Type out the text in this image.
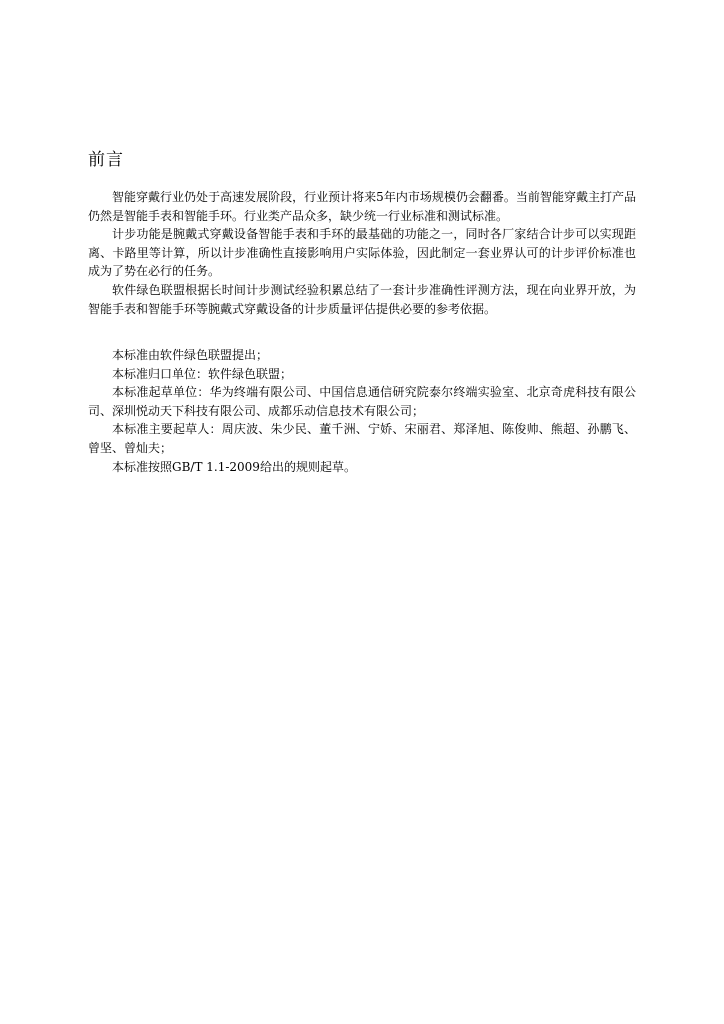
前言

智能穿戴行业仍处于高速发展阶段，行业预计将来5年内市场规模仍会翻番。当前智能穿戴主打产品仍然是智能手表和智能手环。行业类产品众多，缺少统一行业标准和测试标准。

计步功能是腕戴式穿戴设备智能手表和手环的最基础的功能之一，同时各厂家结合计步可以实现距离、卡路里等计算，所以计步准确性直接影响用户实际体验，因此制定一套业界认可的计步评价标准也成为了势在必行的任务。

软件绿色联盟根据长时间计步测试经验积累总结了一套计步准确性评测方法，现在向业界开放，为智能手表和智能手环等腕戴式穿戴设备的计步质量评估提供必要的参考依据。

本标准由软件绿色联盟提出；

本标准归口单位：软件绿色联盟；

本标准起草单位：华为终端有限公司、中国信息通信研究院泰尔终端实验室、北京奇虎科技有限公司、深圳悦动天下科技有限公司、成都乐动信息技术有限公司；

本标准主要起草人：周庆波、朱少民、董千洲、宁娇、宋丽君、郑泽旭、陈俊帅、熊超、孙鹏飞、曾坚、曾灿夫；

本标准按照GB/T 1.1-2009给出的规则起草。
